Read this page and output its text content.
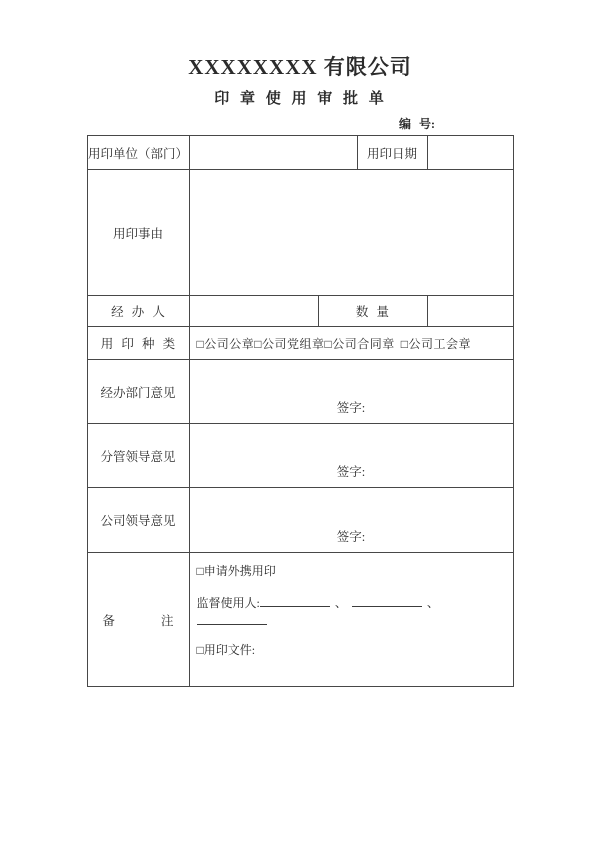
XXXXXXXX 有限公司
印 章 使 用 审 批 单
编 号:
用印单位（部门）			用印日期	
用印事由				
经 办 人		数 量		
用 印 种 类	□公司公章□公司党组章□公司合同章 □公司工会章			
经办部门意见	签字:			
分管领导意见	签字:			
公司领导意见	签字:			
备 注	□申请外携用印
监督使用人: 、 、
□用印文件:			
